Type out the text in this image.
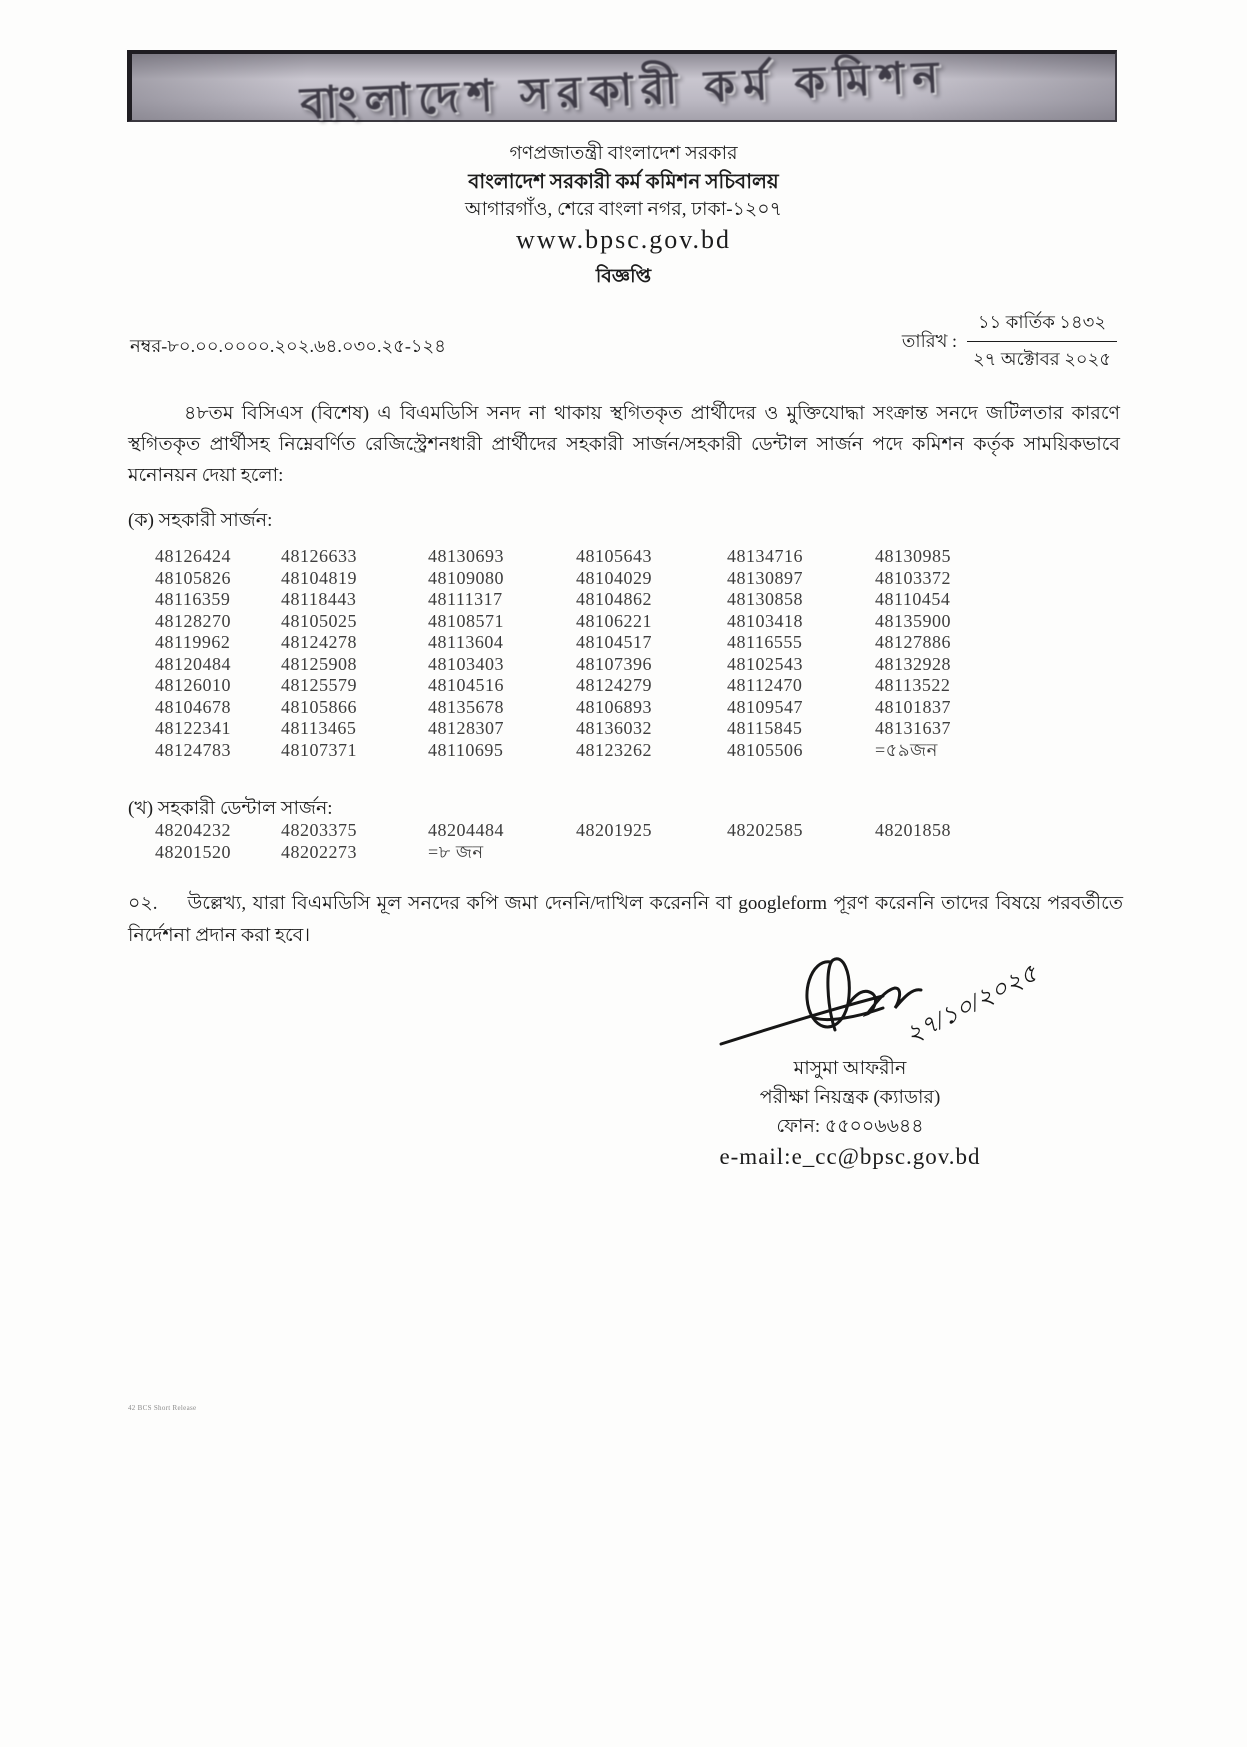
বাংলাদেশ সরকারী কর্ম কমিশন
গণপ্রজাতন্ত্রী বাংলাদেশ সরকার
বাংলাদেশ সরকারী কর্ম কমিশন সচিবালয়
আগারগাঁও, শেরে বাংলা নগর, ঢাকা-১২০৭
www.bpsc.gov.bd
বিজ্ঞপ্তি
নম্বর-৮০.০০.০০০০.২০২.৬৪.০৩০.২৫-১২৪	তারিখ :
১১ কার্তিক ১৪৩২
২৭ অক্টোবর ২০২৫
৪৮তম বিসিএস (বিশেষ) এ বিএমডিসি সনদ না থাকায় স্থগিতকৃত প্রার্থীদের ও মুক্তিযোদ্ধা সংক্রান্ত সনদে জটিলতার কারণে স্থগিতকৃত প্রার্থীসহ নিম্নেবর্ণিত রেজিস্ট্রেশনধারী প্রার্থীদের সহকারী সার্জন/সহকারী ডেন্টাল সার্জন পদে কমিশন কর্তৃক সাময়িকভাবে মনোনয়ন দেয়া হলো:
(ক) সহকারী সার্জন:
48126424	48126633	48130693	48105643	48134716	48130985
48105826	48104819	48109080	48104029	48130897	48103372
48116359	48118443	48111317	48104862	48130858	48110454
48128270	48105025	48108571	48106221	48103418	48135900
48119962	48124278	48113604	48104517	48116555	48127886
48120484	48125908	48103403	48107396	48102543	48132928
48126010	48125579	48104516	48124279	48112470	48113522
48104678	48105866	48135678	48106893	48109547	48101837
48122341	48113465	48128307	48136032	48115845	48131637
48124783	48107371	48110695	48123262	48105506	=৫৯জন
(খ) সহকারী ডেন্টাল সার্জন:
48204232	48203375	48204484	48201925	48202585	48201858
48201520	48202273	=৮ জন
০২. উল্লেখ্য, যারা বিএমডিসি মূল সনদের কপি জমা দেননি/দাখিল করেননি বা googleform পূরণ করেননি তাদের বিষয়ে পরবর্তীতে নির্দেশনা প্রদান করা হবে।
২৭/১০/২০২৫
মাসুমা আফরীন
পরীক্ষা নিয়ন্ত্রক (ক্যাডার)
ফোন: ৫৫০০৬৬৪৪
e-mail:e_cc@bpsc.gov.bd
42 BCS Short Release
